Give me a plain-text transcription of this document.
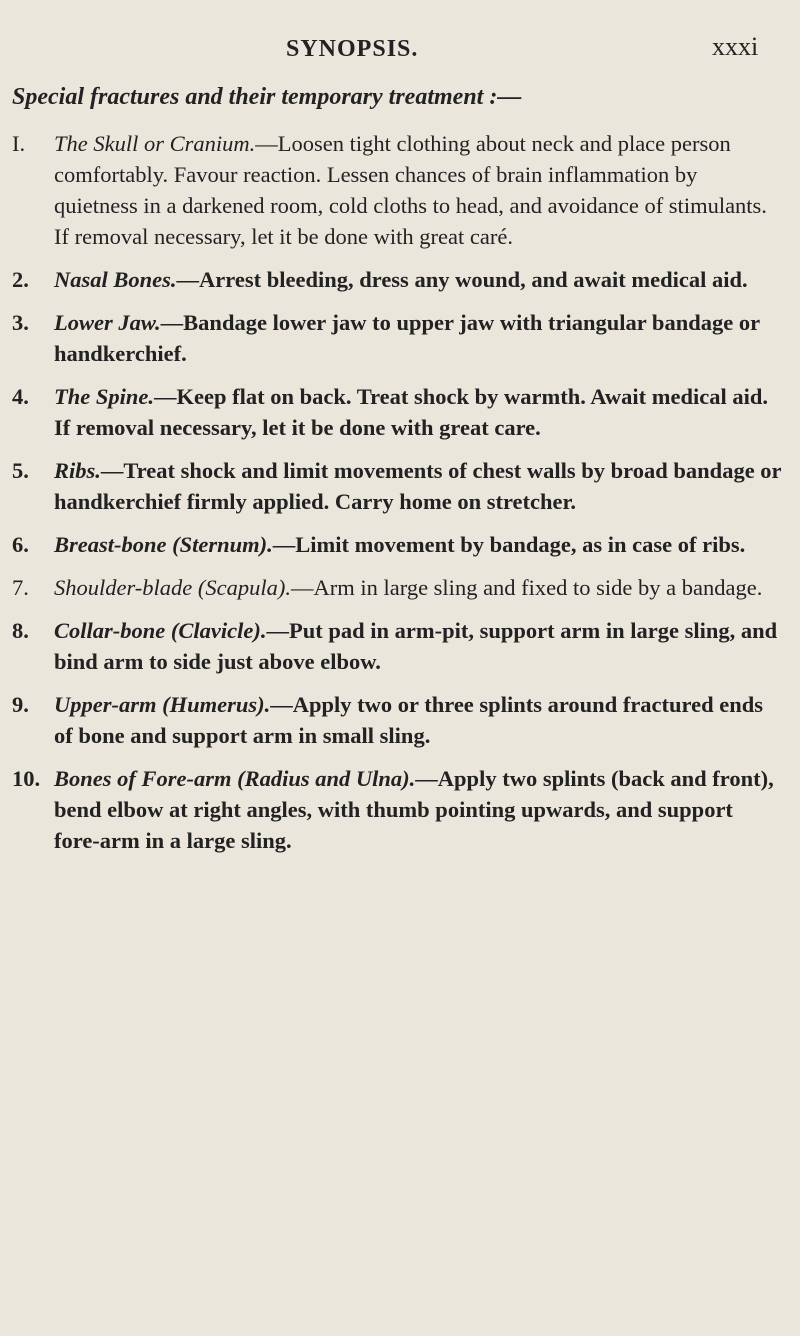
SYNOPSIS.	xxxi
Special fractures and their temporary treatment :—
I. The Skull or Cranium.—Loosen tight clothing about neck and place person comfortably. Favour reaction. Lessen chances of brain inflammation by quietness in a darkened room, cold cloths to head, and avoidance of stimulants. If removal necessary, let it be done with great caré.
2. Nasal Bones.—Arrest bleeding, dress any wound, and await medical aid.
3. Lower Jaw.—Bandage lower jaw to upper jaw with triangular bandage or handkerchief.
4. The Spine.—Keep flat on back. Treat shock by warmth. Await medical aid. If removal necessary, let it be done with great care.
5. Ribs.—Treat shock and limit movements of chest walls by broad bandage or handkerchief firmly applied. Carry home on stretcher.
6. Breast-bone (Sternum).—Limit movement by bandage, as in case of ribs.
7. Shoulder-blade (Scapula).—Arm in large sling and fixed to side by a bandage.
8. Collar-bone (Clavicle).—Put pad in arm-pit, support arm in large sling, and bind arm to side just above elbow.
9. Upper-arm (Humerus).—Apply two or three splints around fractured ends of bone and support arm in small sling.
10. Bones of Fore-arm (Radius and Ulna).—Apply two splints (back and front), bend elbow at right angles, with thumb pointing upwards, and support fore-arm in a large sling.
